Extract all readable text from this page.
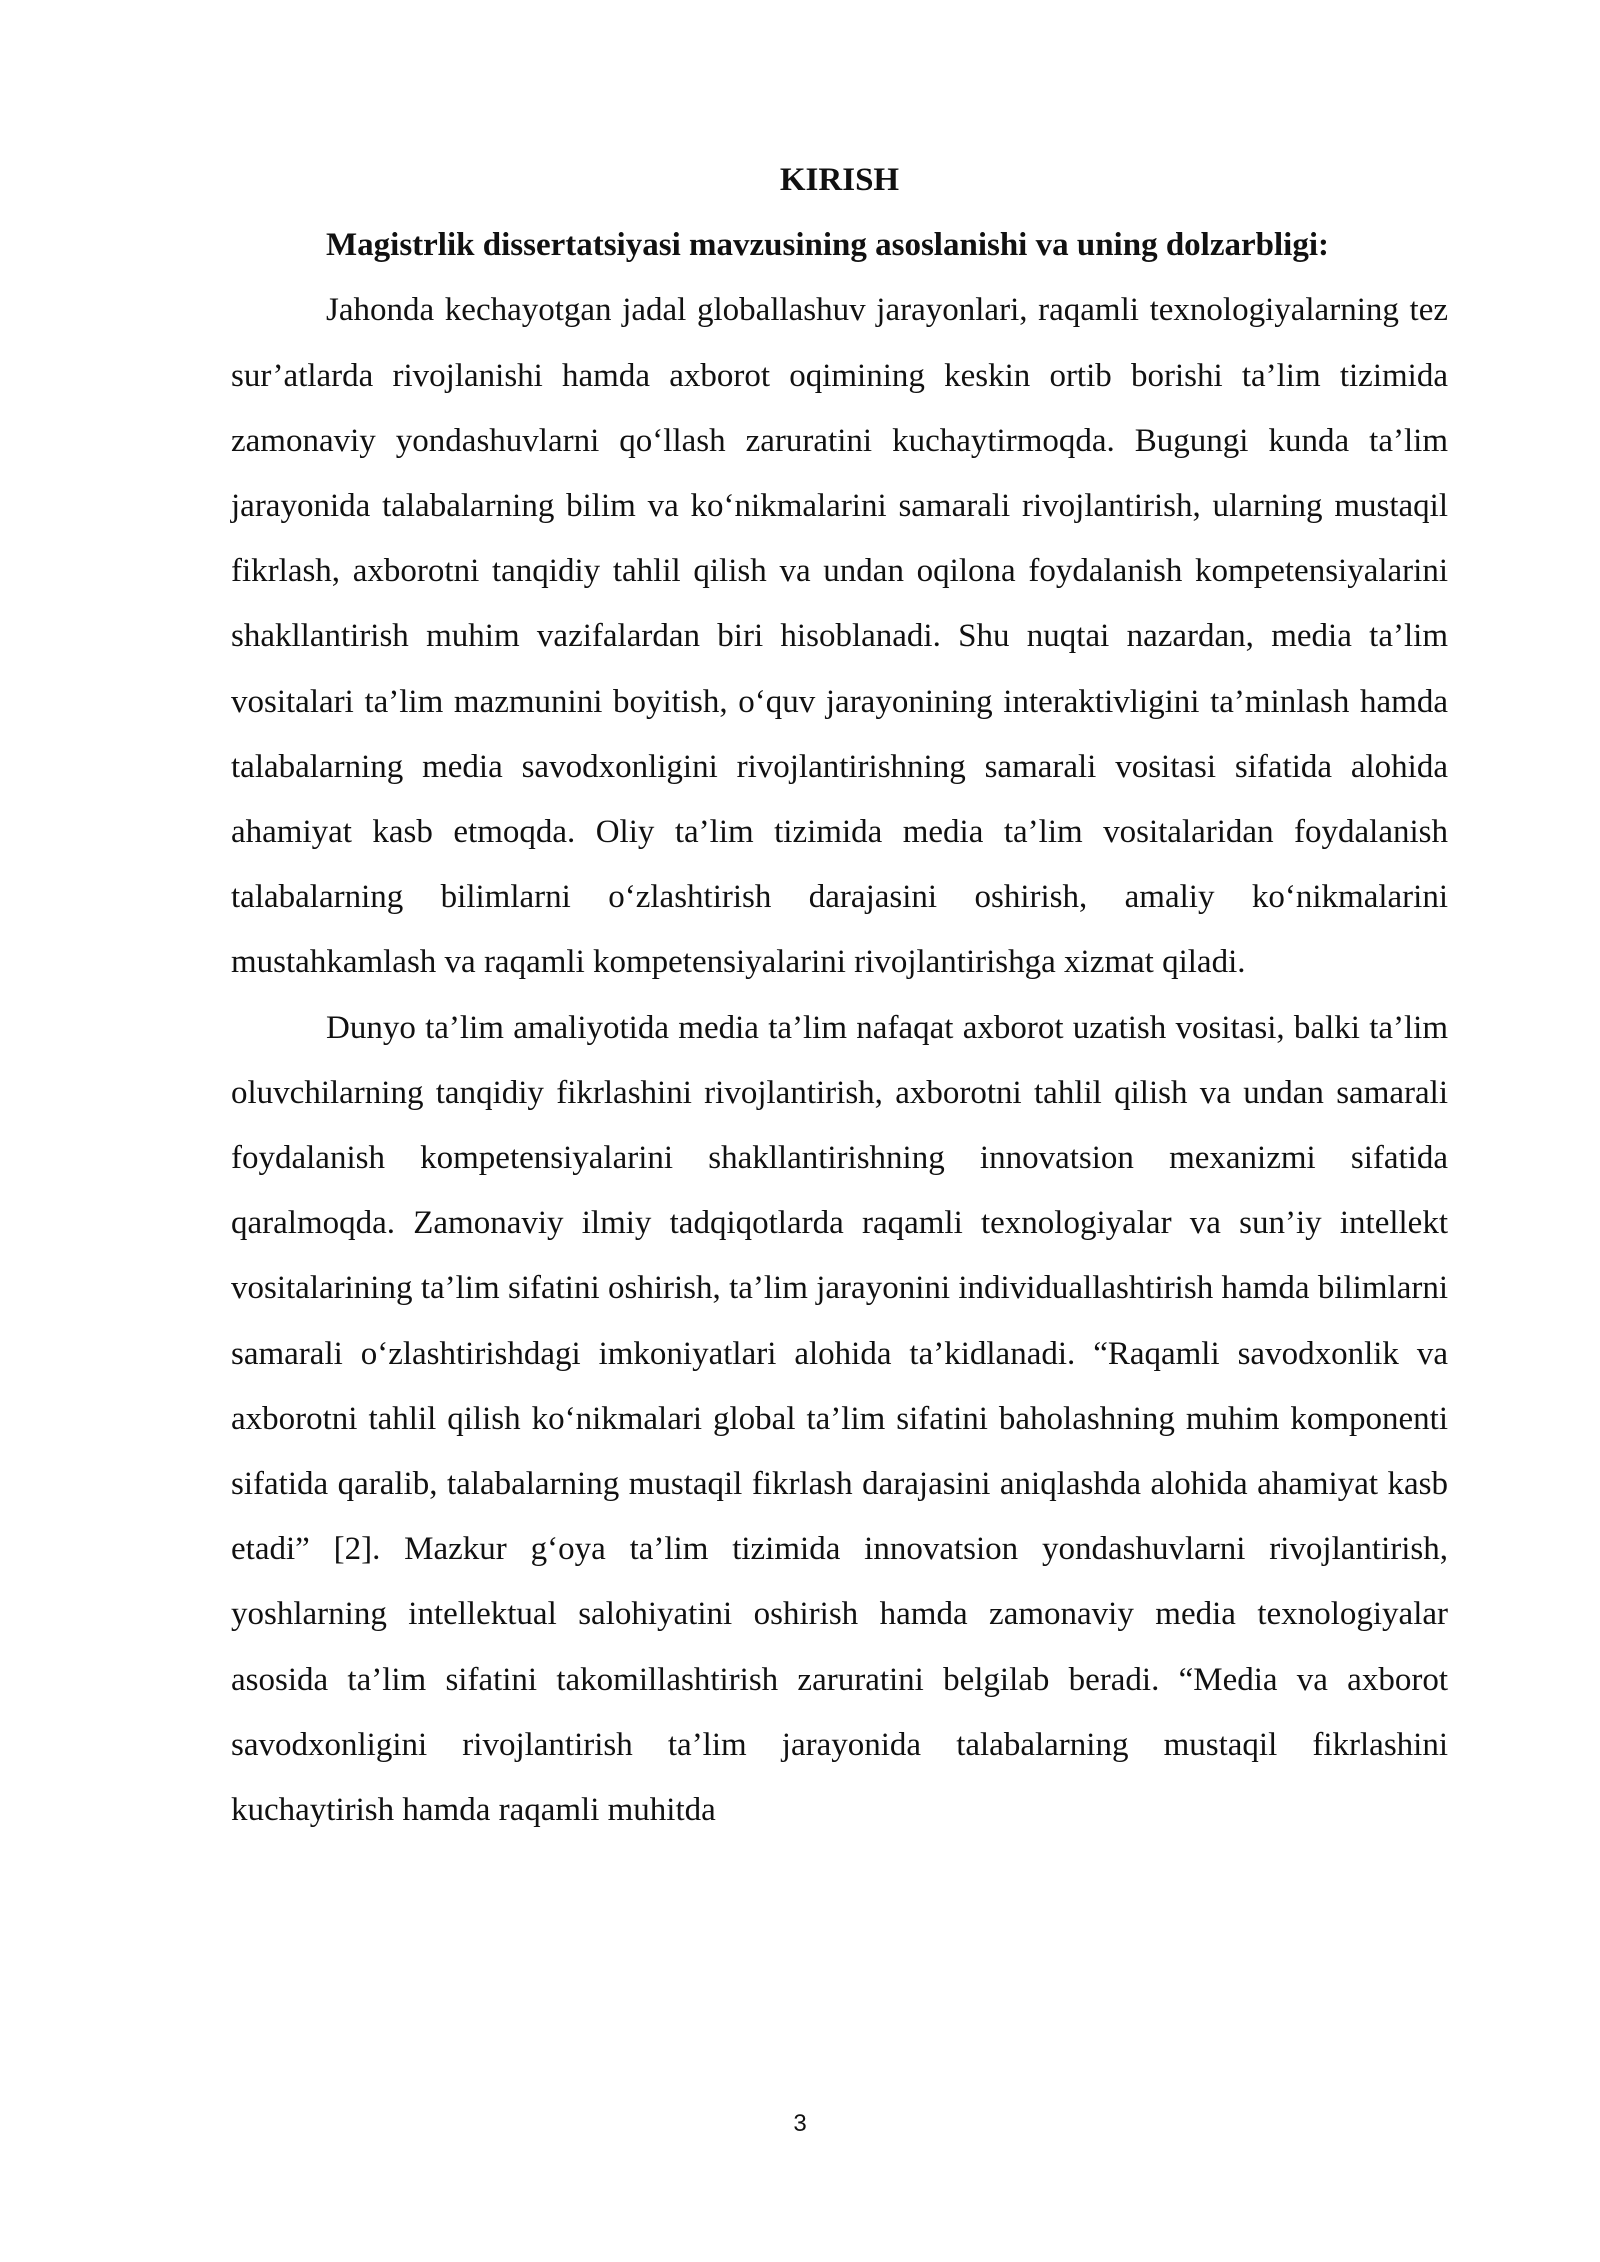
KIRISH

Magistrlik dissertatsiyasi mavzusining asoslanishi va uning dolzarbligi:

Jahonda kechayotgan jadal globallashuv jarayonlari, raqamli texnologiyalarning tez sur’atlarda rivojlanishi hamda axborot oqimining keskin ortib borishi ta’lim tizimida zamonaviy yondashuvlarni qo‘llash zaruratini kuchaytirmoqda. Bugungi kunda ta’lim jarayonida talabalarning bilim va ko‘nikmalarini samarali rivojlantirish, ularning mustaqil fikrlash, axborotni tanqidiy tahlil qilish va undan oqilona foydalanish kompetensiyalarini shakllantirish muhim vazifalardan biri hisoblanadi. Shu nuqtai nazardan, media ta’lim vositalari ta’lim mazmunini boyitish, o‘quv jarayonining interaktivligini ta’minlash hamda talabalarning media savodxonligini rivojlantirishning samarali vositasi sifatida alohida ahamiyat kasb etmoqda. Oliy ta’lim tizimida media ta’lim vositalaridan foydalanish talabalarning bilimlarni o‘zlashtirish darajasini oshirish, amaliy ko‘nikmalarini mustahkamlash va raqamli kompetensiyalarini rivojlantirishga xizmat qiladi.

Dunyo ta’lim amaliyotida media ta’lim nafaqat axborot uzatish vositasi, balki ta’lim oluvchilarning tanqidiy fikrlashini rivojlantirish, axborotni tahlil qilish va undan samarali foydalanish kompetensiyalarini shakllantirishning innovatsion mexanizmi sifatida qaralmoqda. Zamonaviy ilmiy tadqiqotlarda raqamli texnologiyalar va sun’iy intellekt vositalarining ta’lim sifatini oshirish, ta’lim jarayonini individuallashtirish hamda bilimlarni samarali o‘zlashtirishdagi imkoniyatlari alohida ta’kidlanadi. “Raqamli savodxonlik va axborotni tahlil qilish ko‘nikmalari global ta’lim sifatini baholashning muhim komponenti sifatida qaralib, talabalarning mustaqil fikrlash darajasini aniqlashda alohida ahamiyat kasb etadi” [2]. Mazkur g‘oya ta’lim tizimida innovatsion yondashuvlarni rivojlantirish, yoshlarning intellektual salohiyatini oshirish hamda zamonaviy media texnologiyalar asosida ta’lim sifatini takomillashtirish zaruratini belgilab beradi. “Media va axborot savodxonligini rivojlantirish ta’lim jarayonida talabalarning mustaqil fikrlashini kuchaytirish hamda raqamli muhitda

3
